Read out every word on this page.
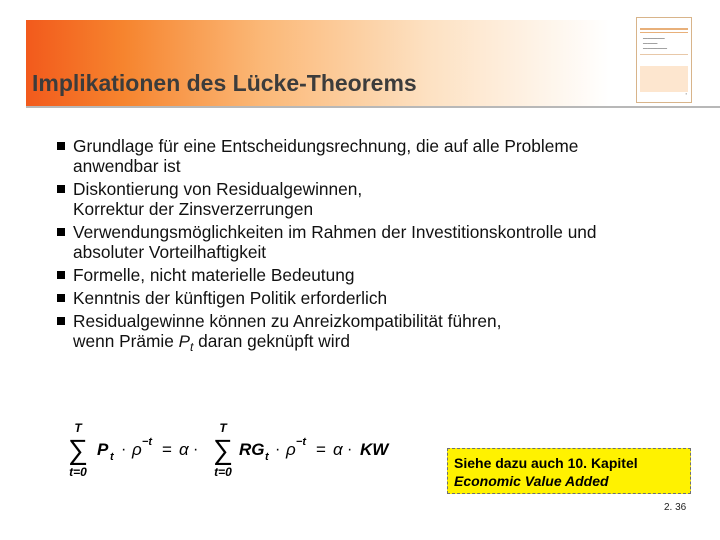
Implikationen des Lücke-Theorems
━━━━━━━━━
━━━━━━
━━━━━━━━━━
▪
Grundlage für eine Entscheidungsrechnung, die auf alle Probleme
anwendbar ist
Diskontierung von Residualgewinnen,
Korrektur der Zinsverzerrungen
Verwendungsmöglichkeiten im Rahmen der Investitionskontrolle und
absoluter Vorteilhaftigkeit
Formelle, nicht materielle Bedeutung
Kenntnis der künftigen Politik erforderlich
Residualgewinne können zu Anreizkompatibilität führen,
wenn Prämie $P_t$ daran geknüpft wird
T
∑
t=0
P t · ρ −t = α ·
T
∑
t=0
RG t · ρ −t = α · KW
Siehe dazu auch 10. Kapitel
Economic Value Added
2. 36
